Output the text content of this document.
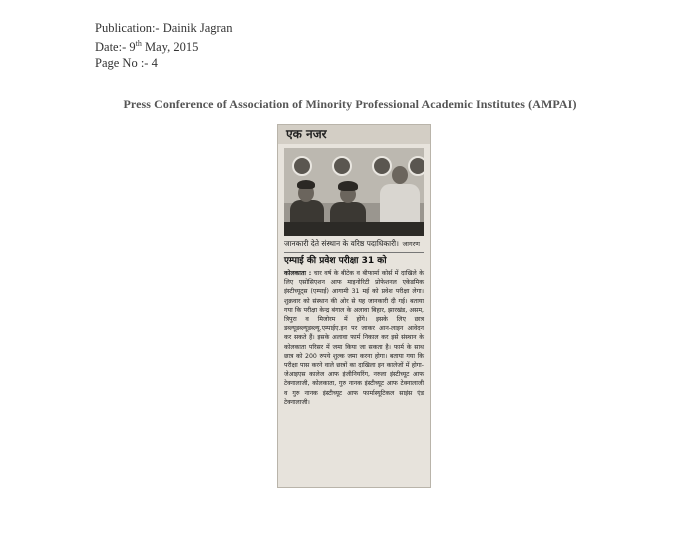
Publication:- Dainik Jagran
Date:- 9th May, 2015
Page No :- 4
Press Conference of Association of Minority Professional Academic Institutes (AMPAI)
एक नजर
जानकारी देते संस्थान के वरिष्ठ पदाधिकारी। जागरण
एम्पाई की प्रवेश परीक्षा 31 को
कोलकाता : चार वर्ष के बीटेक व बीफार्मा कोर्स में दाखिले के लिए एसोसिएशन आफ माइनोरिटी प्रोफेशनल एकेडमिक इंस्टीच्यूट्स (एम्पाई) आगामी 31 मई को प्रवेश परीक्षा लेगा। शुक्रवार को संस्थान की ओर से यह जानकारी दी गई। बताया गया कि परीक्षा केन्द्र बंगाल के अलावा बिहार, झारखंड, असम, त्रिपुरा व मिजोरम में होंगे। इसके लिए छात्र डब्ल्यूडब्ल्यूडब्ल्यू.एम्पाईए.इन पर जाकर आन-लाइन आवेदन कर सकते हैं। इसके अलावा फार्म निकाल कर इसे संस्थान के कोलकाता परिसर में जमा किया जा सकता है। फार्म के साथ छात्र को 200 रुपये शुल्क जमा करना होगा। बताया गया कि परीक्षा पास करने वाले छात्रों का दाखिला इन कालेजों में होगा-जेआइएस कालेज आफ इंजीनियरिंग, नरुला इंस्टीच्यूट आफ टेक्नालाजी, कोलकाता, गुरु नानक इंस्टीच्यूट आफ टेक्नालाजी व गुरु नानक इंस्टीच्यूट आफ फार्मास्यूटिकल साइंस एंड टेक्नालाजी।
